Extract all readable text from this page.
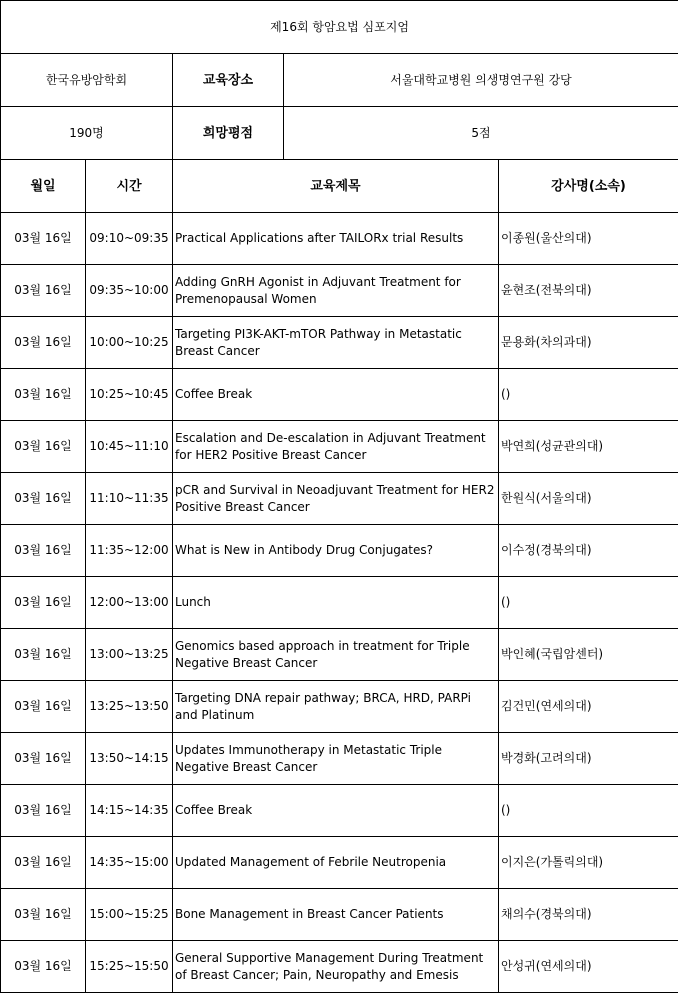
제16회 항암요법 심포지엄
한국유방암학회		교육장소	서울대학교병원 의생명연구원 강당

190명		희망평점	5점

월일	시간	교육제목	강사명(소속)
03월 16일	09:10~09:35	Practical Applications after TAILORx trial Results	이종원(울산의대)
03월 16일	09:35~10:00	Adding GnRH Agonist in Adjuvant Treatment for Premenopausal Women	윤현조(전북의대)
03월 16일	10:00~10:25	Targeting PI3K-AKT-mTOR Pathway in Metastatic Breast Cancer	문용화(차의과대)
03월 16일	10:25~10:45	Coffee Break	()
03월 16일	10:45~11:10	Escalation and De-escalation in Adjuvant Treatment for HER2 Positive Breast Cancer	박연희(성균관의대)
03월 16일	11:10~11:35	pCR and Survival in Neoadjuvant Treatment for HER2 Positive Breast Cancer	한원식(서울의대)
03월 16일	11:35~12:00	What is New in Antibody Drug Conjugates?	이수정(경북의대)
03월 16일	12:00~13:00	Lunch	()
03월 16일	13:00~13:25	Genomics based approach in treatment for Triple Negative Breast Cancer	박인혜(국립암센터)
03월 16일	13:25~13:50	Targeting DNA repair pathway; BRCA, HRD, PARPi and Platinum	김건민(연세의대)
03월 16일	13:50~14:15	Updates Immunotherapy in Metastatic Triple Negative Breast Cancer	박경화(고려의대)
03월 16일	14:15~14:35	Coffee Break	()
03월 16일	14:35~15:00	Updated Management of Febrile Neutropenia	이지은(가톨릭의대)
03월 16일	15:00~15:25	Bone Management in Breast Cancer Patients	채의수(경북의대)
03월 16일	15:25~15:50	General Supportive Management During Treatment of Breast Cancer; Pain, Neuropathy and Emesis	안성귀(연세의대)
